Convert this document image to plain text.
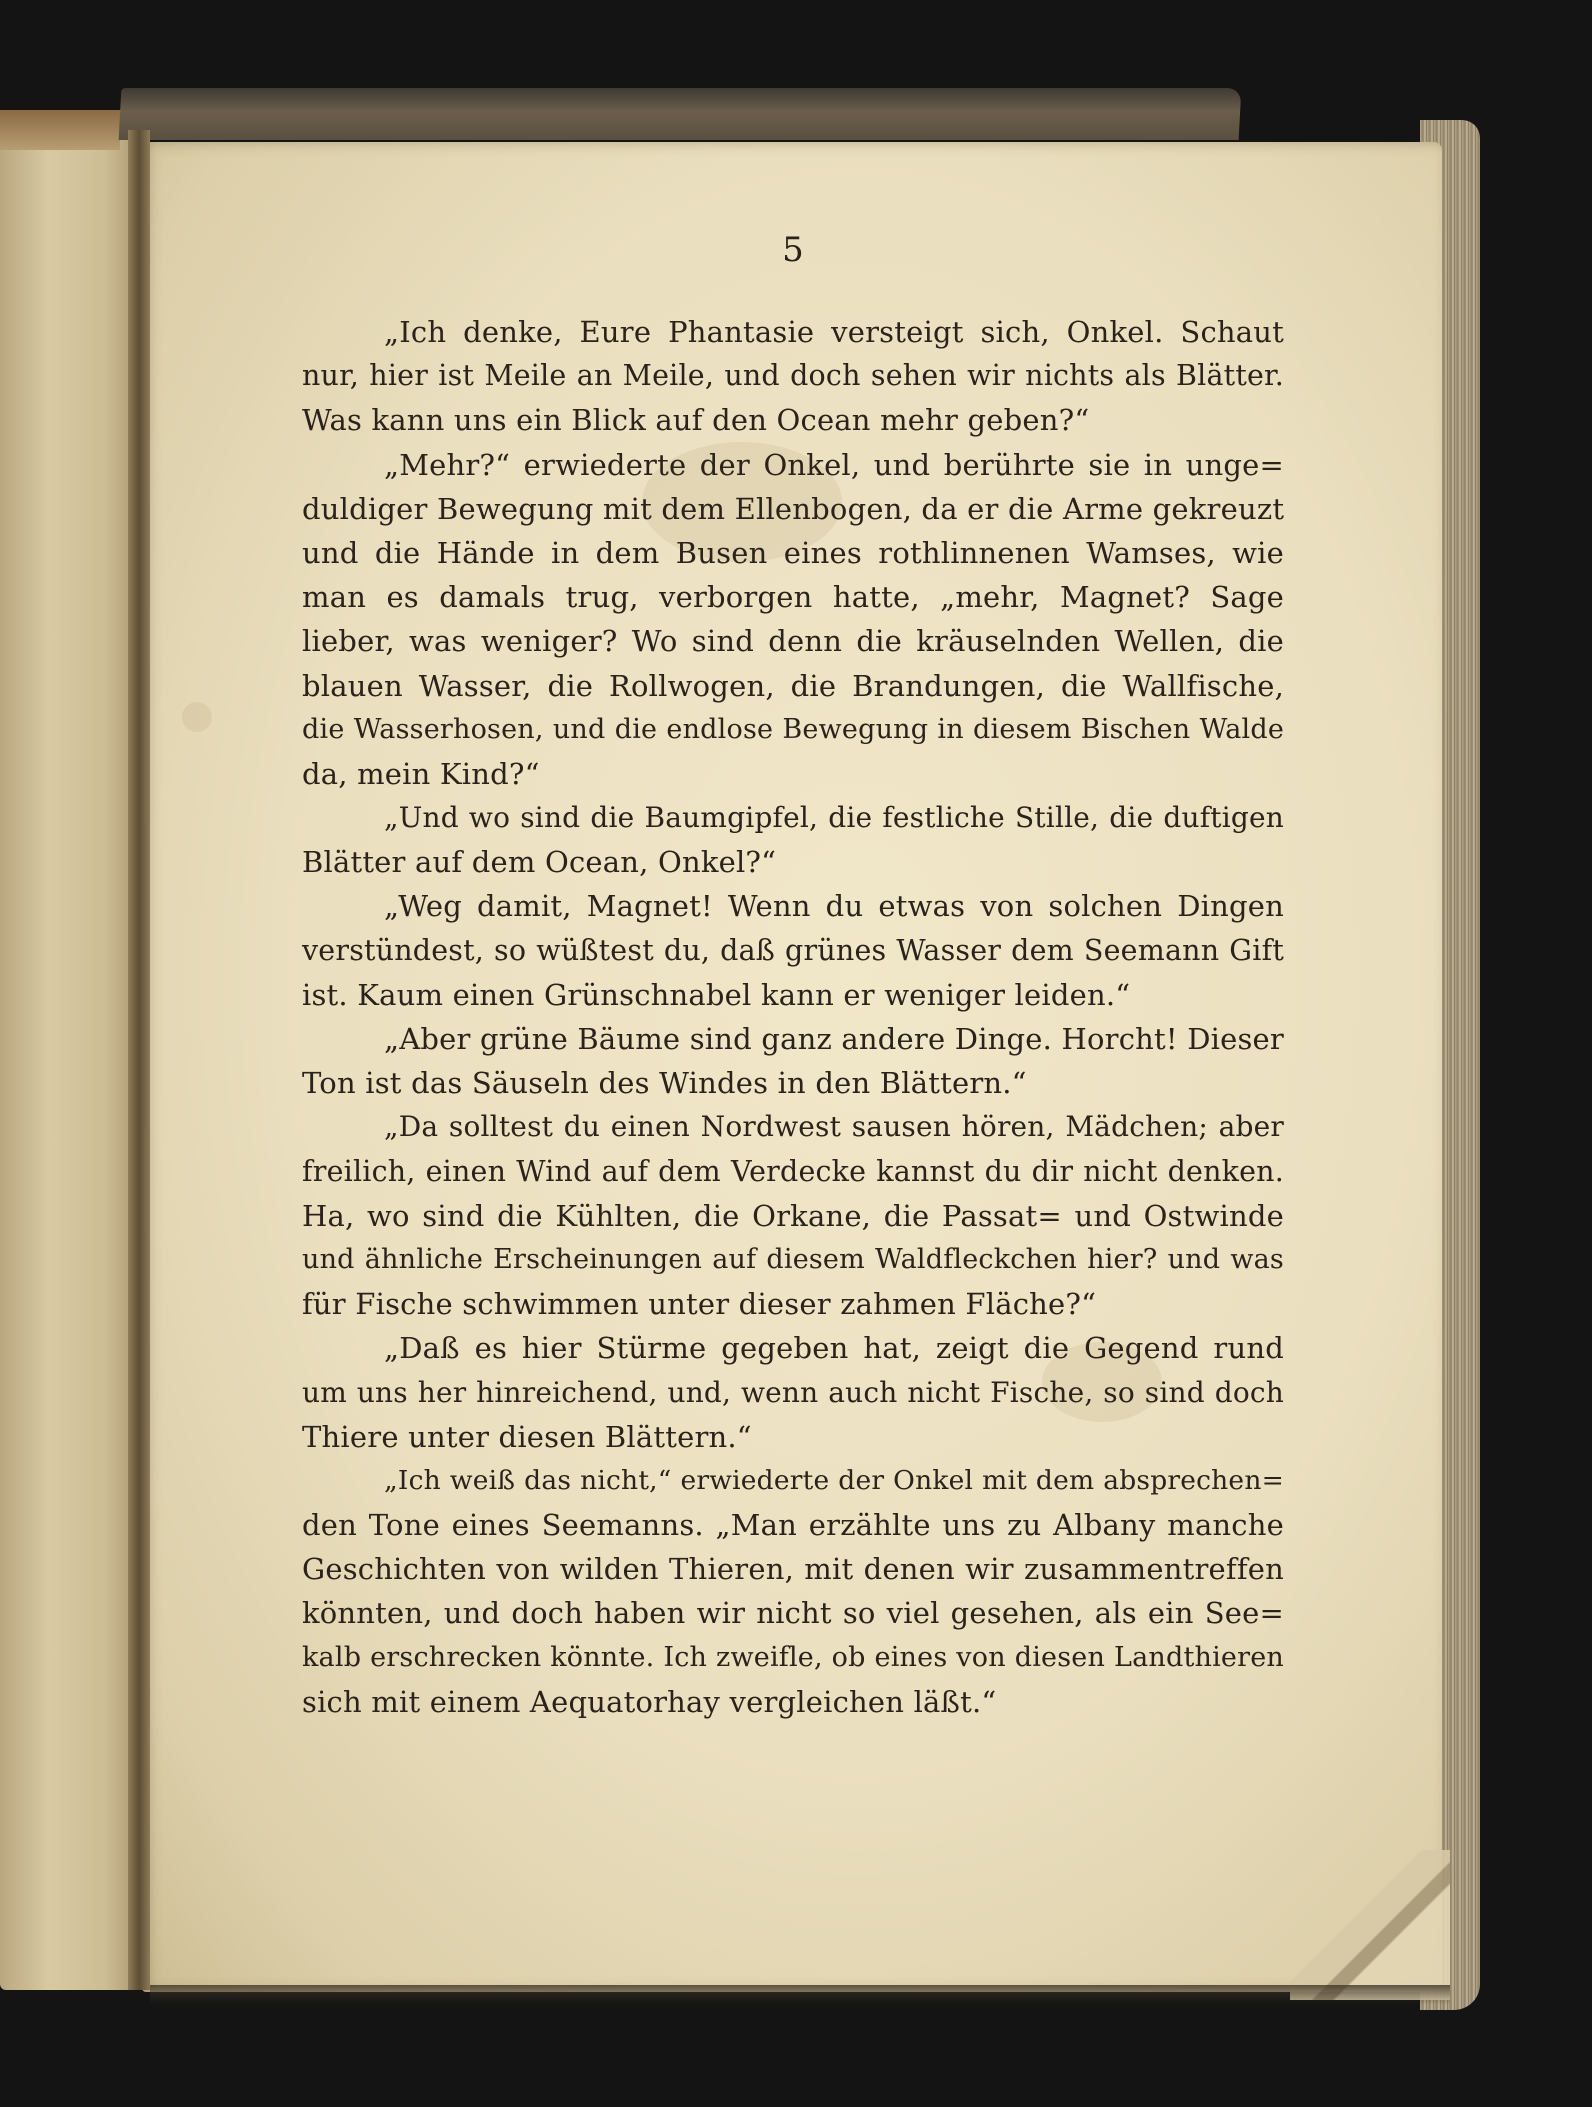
5
„Ich denke, Eure Phantasie versteigt sich, Onkel. Schaut
nur, hier ist Meile an Meile, und doch sehen wir nichts als Blätter.
Was kann uns ein Blick auf den Ocean mehr geben?“
„Mehr?“ erwiederte der Onkel, und berührte sie in unge=
duldiger Bewegung mit dem Ellenbogen, da er die Arme gekreuzt
und die Hände in dem Busen eines rothlinnenen Wamses, wie
man es damals trug, verborgen hatte, „mehr, Magnet? Sage
lieber, was weniger? Wo sind denn die kräuselnden Wellen, die
blauen Wasser, die Rollwogen, die Brandungen, die Wallfische,
die Wasserhosen, und die endlose Bewegung in diesem Bischen Walde
da, mein Kind?“
„Und wo sind die Baumgipfel, die festliche Stille, die duftigen
Blätter auf dem Ocean, Onkel?“
„Weg damit, Magnet! Wenn du etwas von solchen Dingen
verstündest, so wüßtest du, daß grünes Wasser dem Seemann Gift
ist. Kaum einen Grünschnabel kann er weniger leiden.“
„Aber grüne Bäume sind ganz andere Dinge. Horcht! Dieser
Ton ist das Säuseln des Windes in den Blättern.“
„Da solltest du einen Nordwest sausen hören, Mädchen; aber
freilich, einen Wind auf dem Verdecke kannst du dir nicht denken.
Ha, wo sind die Kühlten, die Orkane, die Passat= und Ostwinde
und ähnliche Erscheinungen auf diesem Waldfleckchen hier? und was
für Fische schwimmen unter dieser zahmen Fläche?“
„Daß es hier Stürme gegeben hat, zeigt die Gegend rund
um uns her hinreichend, und, wenn auch nicht Fische, so sind doch
Thiere unter diesen Blättern.“
„Ich weiß das nicht,“ erwiederte der Onkel mit dem absprechen=
den Tone eines Seemanns. „Man erzählte uns zu Albany manche
Geschichten von wilden Thieren, mit denen wir zusammentreffen
könnten, und doch haben wir nicht so viel gesehen, als ein See=
kalb erschrecken könnte. Ich zweifle, ob eines von diesen Landthieren
sich mit einem Aequatorhay vergleichen läßt.“
